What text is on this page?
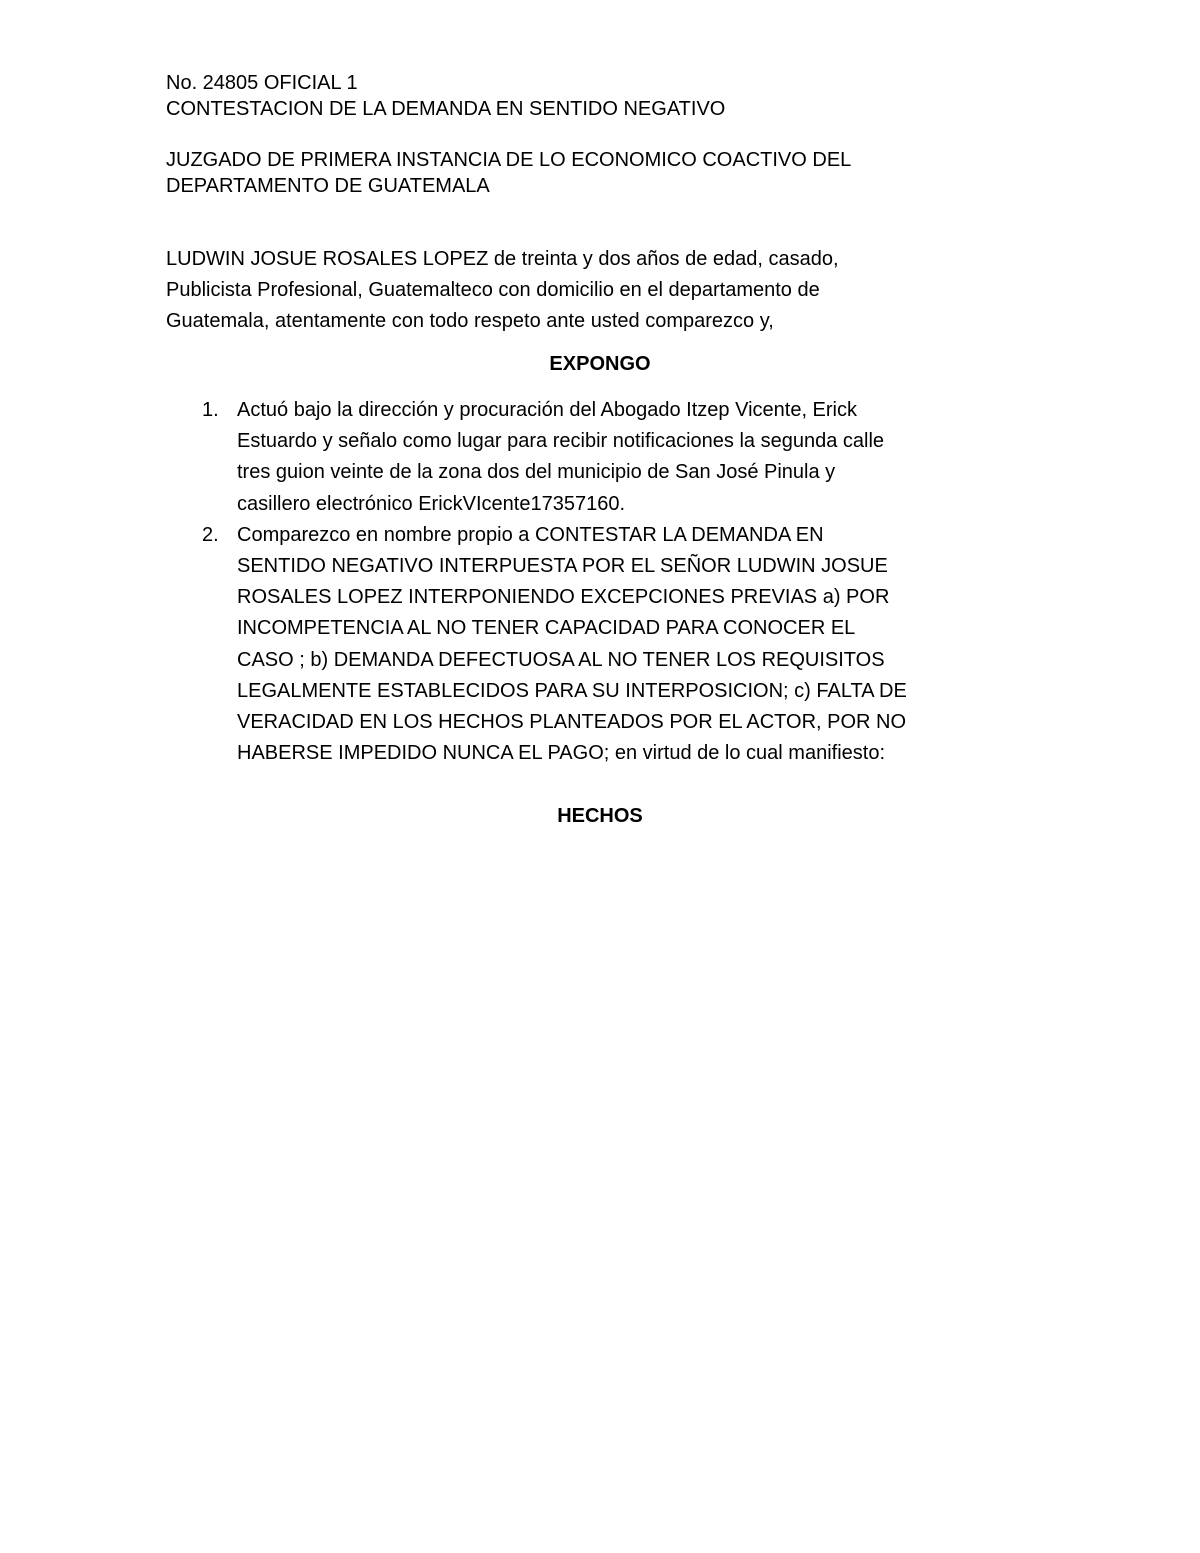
No. 24805 OFICIAL 1

CONTESTACION DE LA DEMANDA EN SENTIDO NEGATIVO

JUZGADO DE PRIMERA INSTANCIA DE LO ECONOMICO COACTIVO DEL

DEPARTAMENTO DE GUATEMALA

LUDWIN JOSUE ROSALES LOPEZ de treinta y dos años de edad, casado,

Publicista Profesional, Guatemalteco con domicilio en el departamento de

Guatemala, atentamente con todo respeto ante usted comparezco y,

EXPONGO

1. Actuó bajo la dirección y procuración del Abogado Itzep Vicente, Erick

Estuardo y señalo como lugar para recibir notificaciones la segunda calle

tres guion veinte de la zona dos del municipio de San José Pinula y

casillero electrónico ErickVIcente17357160.

2. Comparezco en nombre propio a CONTESTAR LA DEMANDA EN

SENTIDO NEGATIVO INTERPUESTA POR EL SEÑOR LUDWIN JOSUE

ROSALES LOPEZ INTERPONIENDO EXCEPCIONES PREVIAS a) POR

INCOMPETENCIA AL NO TENER CAPACIDAD PARA CONOCER EL

CASO ; b) DEMANDA DEFECTUOSA AL NO TENER LOS REQUISITOS

LEGALMENTE ESTABLECIDOS PARA SU INTERPOSICION; c) FALTA DE

VERACIDAD EN LOS HECHOS PLANTEADOS POR EL ACTOR, POR NO

HABERSE IMPEDIDO NUNCA EL PAGO; en virtud de lo cual manifiesto:

HECHOS
